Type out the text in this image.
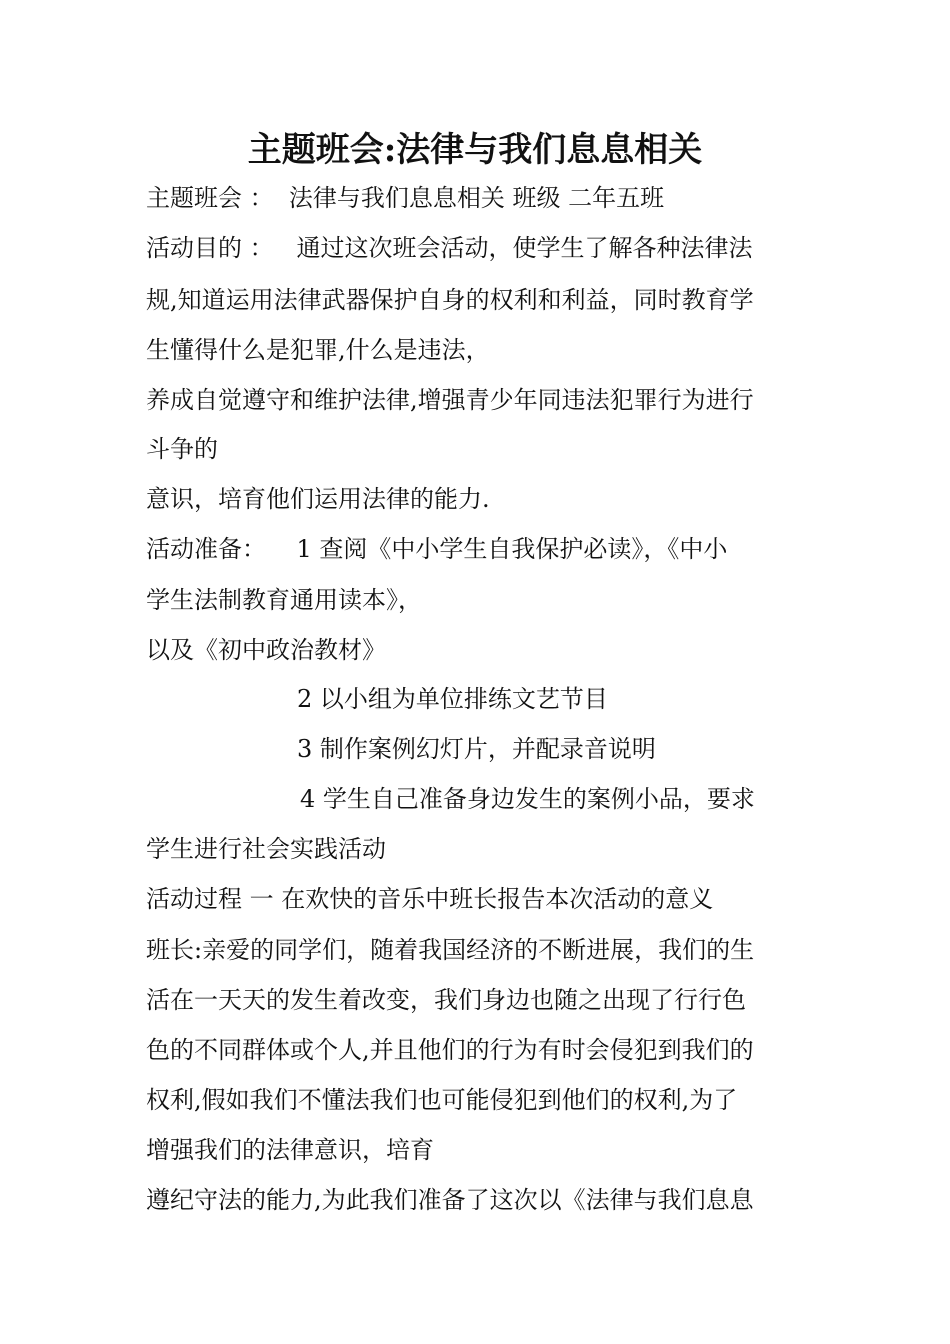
主题班会:法律与我们息息相关
主题班会 ：  法律与我们息息相关 班级 二年五班
活动目的 ：   通过这次班会活动，使学生了解各种法律法
规,知道运用法律武器保护自身的权利和利益，同时教育学
生懂得什么是犯罪,什么是违法，
养成自觉遵守和维护法律,增强青少年同违法犯罪行为进行
斗争的
意识，培育他们运用法律的能力.
活动准备：    1 查阅《中小学生自我保护必读》，《中小
学生法制教育通用读本》，
以及《初中政治教材》
2 以小组为单位排练文艺节目
3 制作案例幻灯片，并配录音说明
4 学生自己准备身边发生的案例小品，要求
学生进行社会实践活动
活动过程 一 在欢快的音乐中班长报告本次活动的意义
班长:亲爱的同学们，随着我国经济的不断进展，我们的生
活在一天天的发生着改变，我们身边也随之出现了行行色
色的不同群体或个人,并且他们的行为有时会侵犯到我们的
权利,假如我们不懂法我们也可能侵犯到他们的权利,为了
增强我们的法律意识，培育
遵纪守法的能力,为此我们准备了这次以《法律与我们息息
